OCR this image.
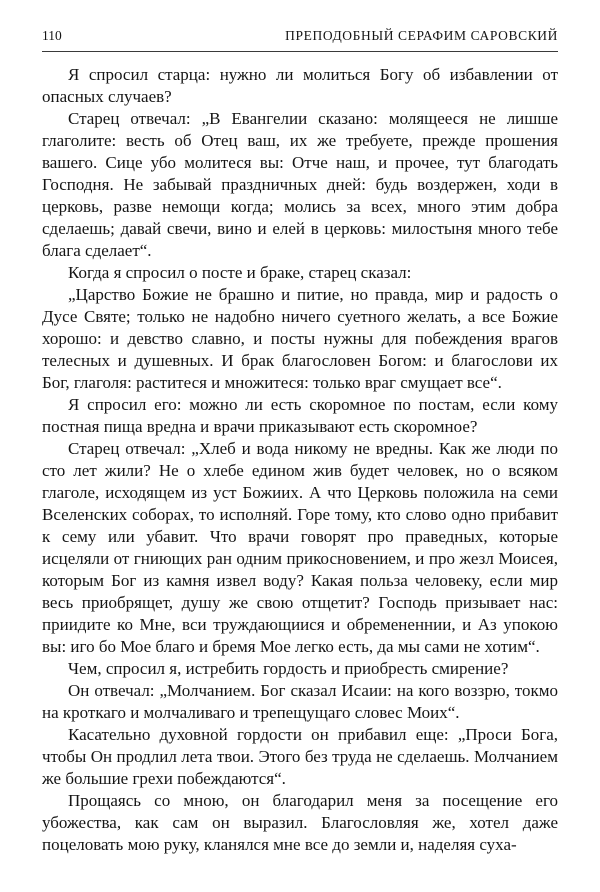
110	ПРЕПОДОБНЫЙ СЕРАФИМ САРОВСКИЙ

Я спросил старца: нужно ли молиться Богу об избавлении от опасных случаев?

Старец отвечал: „В Евангелии сказано: молящееся не лишше глаголите: весть об Отец ваш, их же требуете, прежде прошения вашего. Сице убо молитеся вы: Отче наш, и прочее, тут благодать Господня. Не забывай праздничных дней: будь воздержен, ходи в церковь, разве немощи когда; молись за всех, много этим добра сделаешь; давай свечи, вино и елей в церковь: милостыня много тебе блага сделает“.

Когда я спросил о посте и браке, старец сказал:

„Царство Божие не брашно и питие, но правда, мир и радость о Дусе Святе; только не надобно ничего суетного желать, а все Божие хорошо: и девство славно, и посты нужны для побеждения врагов телесных и душевных. И брак благословен Богом: и благослови их Бог, глаголя: раститеся и множитеся: только враг смущает все“.

Я спросил его: можно ли есть скоромное по постам, если кому постная пища вредна и врачи приказывают есть скоромное?

Старец отвечал: „Хлеб и вода никому не вредны. Как же люди по сто лет жили? Не о хлебе едином жив будет человек, но о всяком глаголе, исходящем из уст Божиих. А что Церковь положила на семи Вселенских соборах, то исполняй. Горе тому, кто слово одно прибавит к сему или убавит. Что врачи говорят про праведных, которые исцеляли от гниющих ран одним прикосновением, и про жезл Моисея, которым Бог из камня извел воду? Какая польза человеку, если мир весь приобрящет, душу же свою отщетит? Господь призывает нас: приидите ко Мне, вси труждающиися и обремененнии, и Аз упокою вы: иго бо Мое благо и бремя Мое легко есть, да мы сами не хотим“.

Чем, спросил я, истребить гордость и приобресть смирение?

Он отвечал: „Молчанием. Бог сказал Исаии: на кого воззрю, токмо на кроткаго и молчаливаго и трепещущаго словес Моих“.

Касательно духовной гордости он прибавил еще: „Проси Бога, чтобы Он продлил лета твои. Этого без труда не сделаешь. Молчанием же большие грехи побеждаются“.

Прощаясь со мною, он благодарил меня за посещение его убожества, как сам он выразил. Благословляя же, хотел даже поцеловать мою руку, кланялся мне все до земли и, наделяя суха-
